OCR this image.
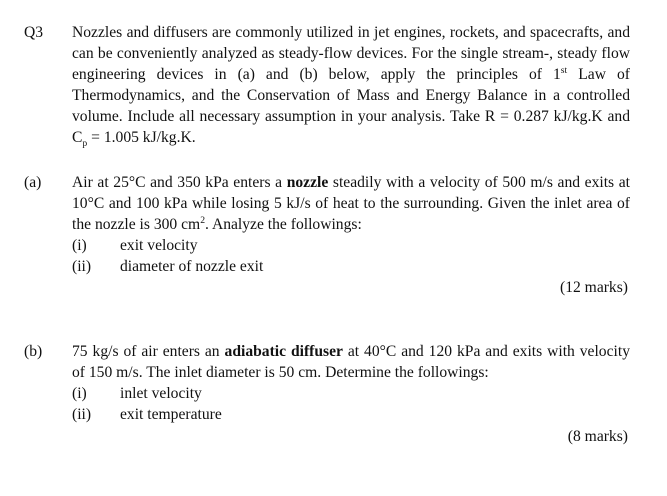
Q3 Nozzles and diffusers are commonly utilized in jet engines, rockets, and spacecrafts, and can be conveniently analyzed as steady-flow devices. For the single stream-, steady flow engineering devices in (a) and (b) below, apply the principles of 1st Law of Thermodynamics, and the Conservation of Mass and Energy Balance in a controlled volume. Include all necessary assumption in your analysis. Take R = 0.287 kJ/kg.K and $C_p = 1.005$ kJ/kg.K.

(a) Air at 25°C and 350 kPa enters a nozzle steadily with a velocity of 500 m/s and exits at 10°C and 100 kPa while losing 5 kJ/s of heat to the surrounding. Given the inlet area of the nozzle is 300 $cm^2$. Analyze the followings:

(i) exit velocity
(ii) diameter of nozzle exit
(12 marks)
(b) 75 kg/s of air enters an adiabatic diffuser at 40°C and 120 kPa and exits with velocity of 150 m/s. The inlet diameter is 50 cm. Determine the followings:

(i) inlet velocity
(ii) exit temperature
(8 marks)
